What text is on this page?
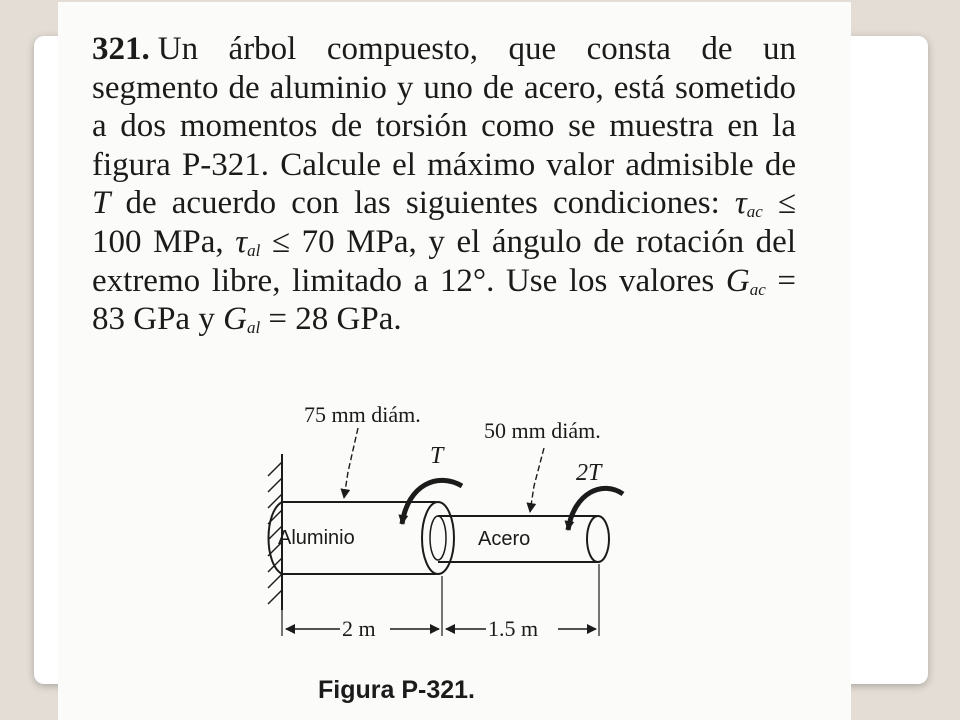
321. Un árbol compuesto, que consta de un segmento de aluminio y uno de acero, está sometido a dos momentos de torsión como se muestra en la figura P-321. Calcule el máximo valor admisible de T de acuerdo con las siguientes condiciones: $\tau_{ac} \le 100$ MPa, $\tau_{al} \le 70$ MPa, y el ángulo de rotación del extremo libre, limitado a 12°. Use los valores $G_{ac} = 83$ GPa y $G_{al} = 28$ GPa.
75 mm diám.
50 mm diám.
T
2T
Aluminio	Acero
2 m	1.5 m
Figura P-321.
